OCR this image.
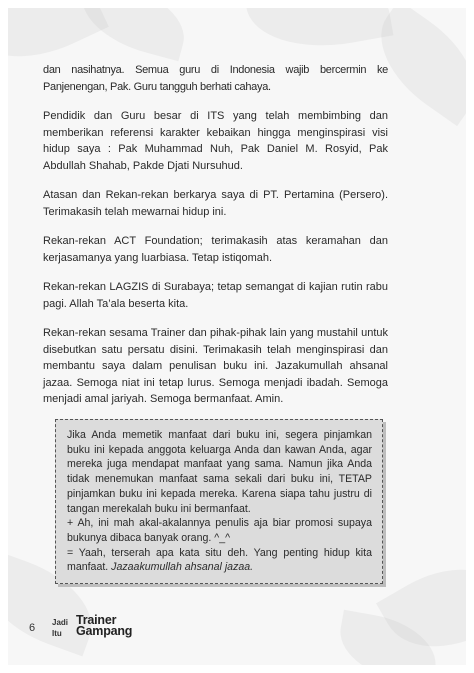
dan nasihatnya. Semua guru di Indonesia wajib bercermin ke Panjenengan, Pak. Guru tangguh berhati cahaya.

Pendidik dan Guru besar di ITS yang telah membimbing dan memberikan referensi karakter kebaikan hingga menginspirasi visi hidup saya : Pak Muhammad Nuh, Pak Daniel M. Rosyid, Pak Abdullah Shahab, Pakde Djati Nursuhud.

Atasan dan Rekan-rekan berkarya saya di PT. Pertamina (Persero). Terimakasih telah mewarnai hidup ini.

Rekan-rekan ACT Foundation; terimakasih atas keramahan dan kerjasamanya yang luarbiasa. Tetap istiqomah.

Rekan-rekan LAGZIS di Surabaya; tetap semangat di kajian rutin rabu pagi. Allah Ta’ala beserta kita.

Rekan-rekan sesama Trainer dan pihak-pihak lain yang mustahil untuk disebutkan satu persatu disini. Terimakasih telah menginspirasi dan membantu saya dalam penulisan buku ini. Jazakumullah ahsanal jazaa. Semoga niat ini tetap lurus. Semoga menjadi ibadah. Semoga menjadi amal jariyah. Semoga bermanfaat. Amin.

Jika Anda memetik manfaat dari buku ini, segera pinjamkan buku ini kepada anggota keluarga Anda dan kawan Anda, agar mereka juga mendapat manfaat yang sama. Namun jika Anda tidak menemukan manfaat sama sekali dari buku ini, TETAP pinjamkan buku ini kepada mereka. Karena siapa tahu justru di tangan merekalah buku ini bermanfaat.

+ Ah, ini mah akal-akalannya penulis aja biar promosi supaya bukunya dibaca banyak orang. ^_^

= Yaah, terserah apa kata situ deh. Yang penting hidup kita manfaat. Jazaakumullah ahsanal jazaa.

6 Jadi Trainer
Itu Gampang
